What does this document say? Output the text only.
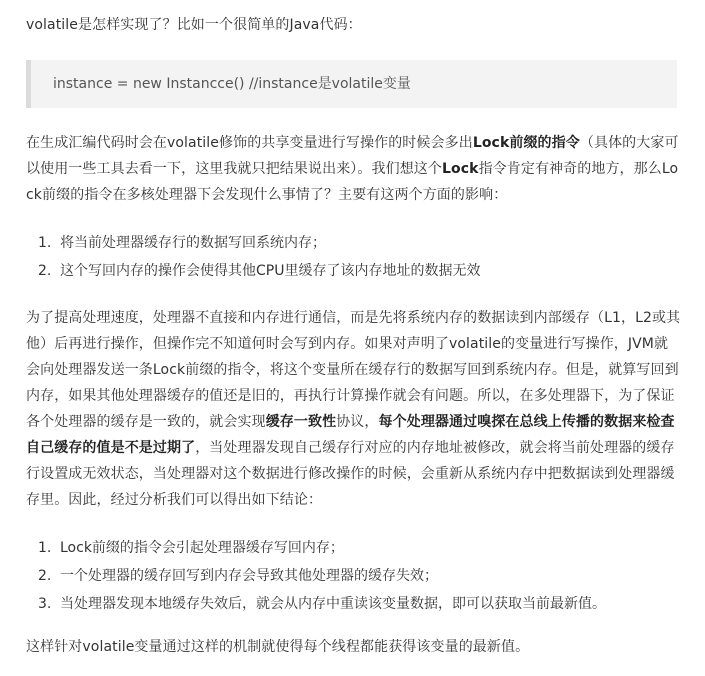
volatile是怎样实现了？比如一个很简单的Java代码：

instance = new Instancce() //instance是volatile变量

在生成汇编代码时会在volatile修饰的共享变量进行写操作的时候会多出Lock前缀的指令（具体的大家可以使用一些工具去看一下，这里我就只把结果说出来）。我们想这个Lock指令肯定有神奇的地方，那么Lock前缀的指令在多核处理器下会发现什么事情了？主要有这两个方面的影响：

1. 将当前处理器缓存行的数据写回系统内存；
2. 这个写回内存的操作会使得其他CPU里缓存了该内存地址的数据无效

为了提高处理速度，处理器不直接和内存进行通信，而是先将系统内存的数据读到内部缓存（L1，L2或其他）后再进行操作，但操作完不知道何时会写到内存。如果对声明了volatile的变量进行写操作，JVM就会向处理器发送一条Lock前缀的指令，将这个变量所在缓存行的数据写回到系统内存。但是，就算写回到内存，如果其他处理器缓存的值还是旧的，再执行计算操作就会有问题。所以，在多处理器下，为了保证各个处理器的缓存是一致的，就会实现缓存一致性协议，每个处理器通过嗅探在总线上传播的数据来检查自己缓存的值是不是过期了，当处理器发现自己缓存行对应的内存地址被修改，就会将当前处理器的缓存行设置成无效状态，当处理器对这个数据进行修改操作的时候，会重新从系统内存中把数据读到处理器缓存里。因此，经过分析我们可以得出如下结论：

1. Lock前缀的指令会引起处理器缓存写回内存；
2. 一个处理器的缓存回写到内存会导致其他处理器的缓存失效；
3. 当处理器发现本地缓存失效后，就会从内存中重读该变量数据，即可以获取当前最新值。

这样针对volatile变量通过这样的机制就使得每个线程都能获得该变量的最新值。
